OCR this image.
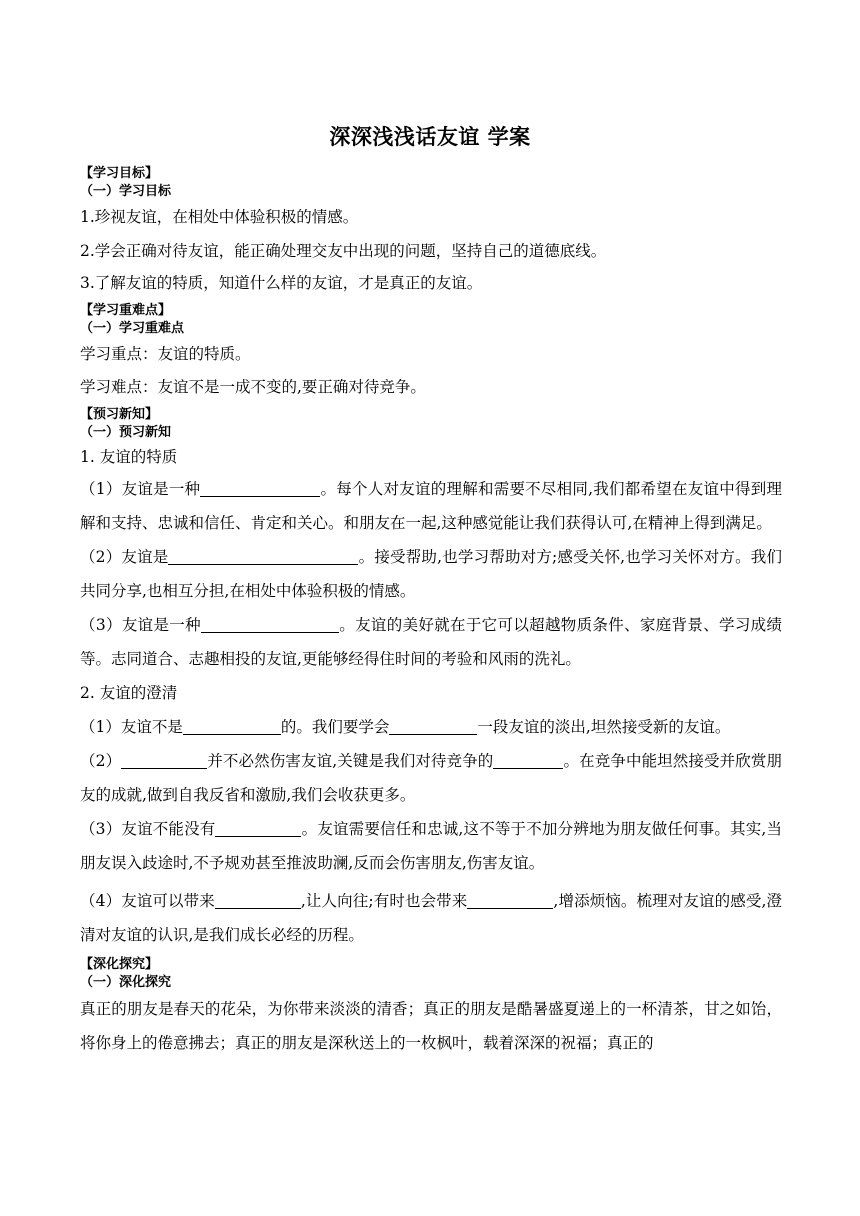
深深浅浅话友谊 学案
【学习目标】
（一）学习目标
1.珍视友谊，在相处中体验积极的情感。
2.学会正确对待友谊，能正确处理交友中出现的问题，坚持自己的道德底线。
3.了解友谊的特质，知道什么样的友谊，才是真正的友谊。
【学习重难点】
（一）学习重难点
学习重点：友谊的特质。
学习难点：友谊不是一成不变的,要正确对待竞争。
【预习新知】
（一）预习新知
1. 友谊的特质
（1）友谊是一种	。每个人对友谊的理解和需要不尽相同,我们都希望在友谊中得到理解和支持、忠诚和信任、肯定和关心。和朋友在一起,这种感觉能让我们获得认可,在精神上得到满足。
（2）友谊是	。接受帮助,也学习帮助对方;感受关怀,也学习关怀对方。我们共同分享,也相互分担,在相处中体验积极的情感。
（3）友谊是一种	。友谊的美好就在于它可以超越物质条件、家庭背景、学习成绩等。志同道合、志趣相投的友谊,更能够经得住时间的考验和风雨的洗礼。
2. 友谊的澄清
（1）友谊不是	的。我们要学会	一段友谊的淡出,坦然接受新的友谊。
（2）	并不必然伤害友谊,关键是我们对待竞争的	。在竞争中能坦然接受并欣赏朋友的成就,做到自我反省和激励,我们会收获更多。
（3）友谊不能没有	。友谊需要信任和忠诚,这不等于不加分辨地为朋友做任何事。其实,当朋友误入歧途时,不予规劝甚至推波助澜,反而会伤害朋友,伤害友谊。
（4）友谊可以带来	,让人向往;有时也会带来	,增添烦恼。梳理对友谊的感受,澄清对友谊的认识,是我们成长必经的历程。
【深化探究】
（一）深化探究
真正的朋友是春天的花朵，为你带来淡淡的清香；真正的朋友是酷暑盛夏递上的一杯清茶，甘之如饴，将你身上的倦意拂去；真正的朋友是深秋送上的一枚枫叶，载着深深的祝福；真正的
